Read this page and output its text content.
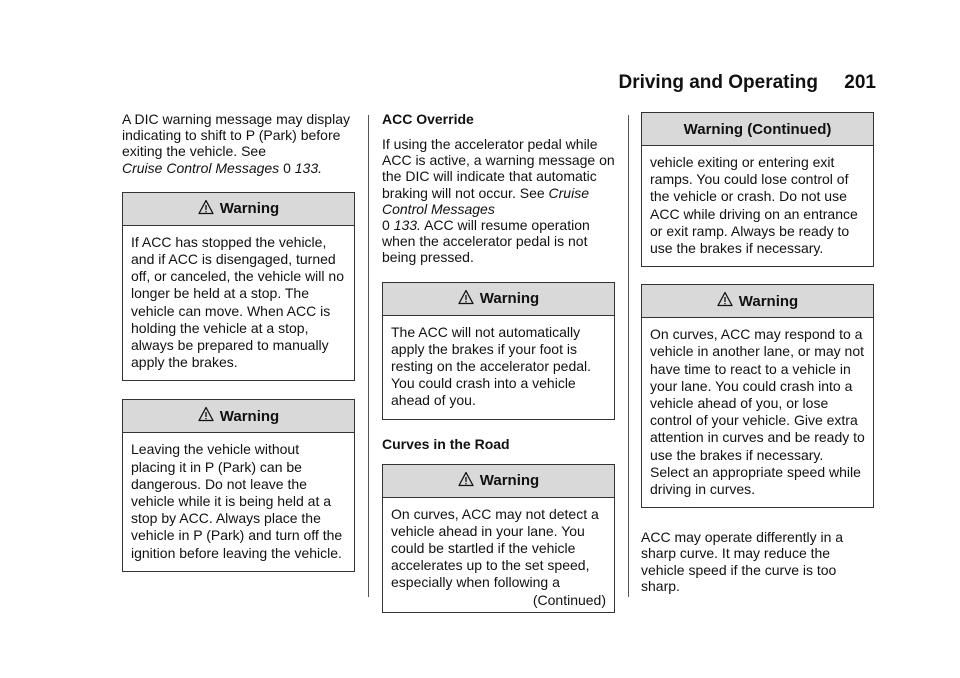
Driving and Operating 201

A DIC warning message may display indicating to shift to P (Park) before exiting the vehicle. See
Cruise Control Messages 0 133.

Warning
If ACC has stopped the vehicle, and if ACC is disengaged, turned off, or canceled, the vehicle will no longer be held at a stop. The vehicle can move. When ACC is holding the vehicle at a stop, always be prepared to manually apply the brakes.
Warning
Leaving the vehicle without placing it in P (Park) can be dangerous. Do not leave the vehicle while it is being held at a stop by ACC. Always place the vehicle in P (Park) and turn off the ignition before leaving the vehicle.
ACC Override

If using the accelerator pedal while ACC is active, a warning message on the DIC will indicate that automatic braking will not occur. See Cruise Control Messages
0 133. ACC will resume operation when the accelerator pedal is not being pressed.

Warning
The ACC will not automatically apply the brakes if your foot is resting on the accelerator pedal. You could crash into a vehicle ahead of you.
Curves in the Road
Warning
On curves, ACC may not detect a vehicle ahead in your lane. You could be startled if the vehicle accelerates up to the set speed, especially when following a
(Continued)
Warning (Continued)
vehicle exiting or entering exit ramps. You could lose control of the vehicle or crash. Do not use ACC while driving on an entrance or exit ramp. Always be ready to use the brakes if necessary.
Warning
On curves, ACC may respond to a vehicle in another lane, or may not have time to react to a vehicle in your lane. You could crash into a vehicle ahead of you, or lose control of your vehicle. Give extra attention in curves and be ready to use the brakes if necessary. Select an appropriate speed while driving in curves.

ACC may operate differently in a sharp curve. It may reduce the vehicle speed if the curve is too sharp.
